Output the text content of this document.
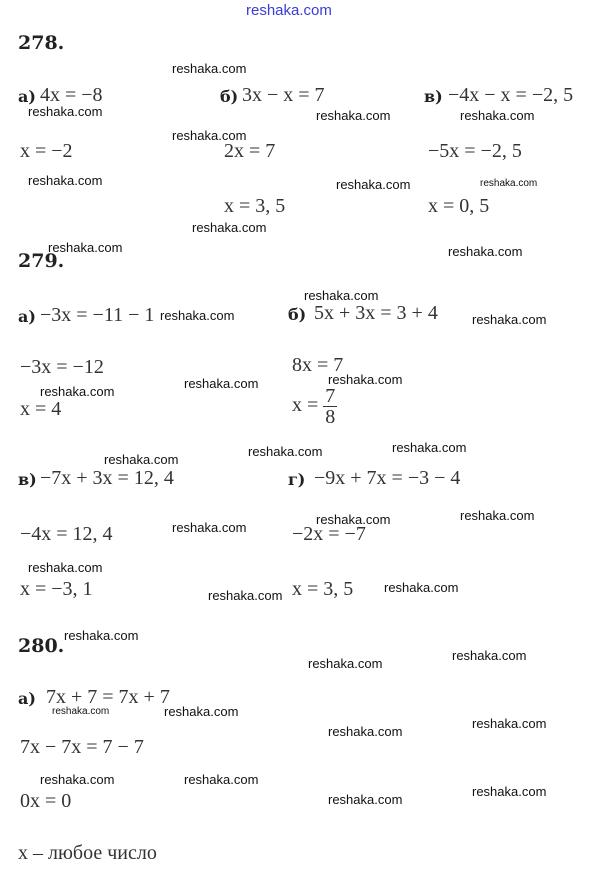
reshaka.com
278.
а) 4x = −8
x = −2
б) 3x − x = 7
2x = 7
x = 3, 5
в) −4x − x = −2, 5
−5x = −2, 5
x = 0, 5
279.
а) −3x = −11 − 1
−3x = −12
x = 4
б) 5x + 3x = 3 + 4
8x = 7
$x = \frac{7}{8}$
в) −7x + 3x = 12, 4
−4x = 12, 4
x = −3, 1
г) −9x + 7x = −3 − 4
−2x = −7
x = 3, 5
280.
а) 7x + 7 = 7x + 7
7x − 7x = 7 − 7
0x = 0
x – любое число
reshaka.com
reshaka.com
reshaka.com
reshaka.com	reshaka.com
reshaka.com	reshaka.com	reshaka.com
reshaka.com
reshaka.com	reshaka.com
reshaka.com
reshaka.com	reshaka.com
reshaka.com
reshaka.com
reshaka.com
reshaka.com	reshaka.com
reshaka.com
reshaka.com
reshaka.com	reshaka.com
reshaka.com
reshaka.com
reshaka.com
reshaka.com
reshaka.com
reshaka.com
reshaka.com	reshaka.com
reshaka.com
reshaka.com
reshaka.com	reshaka.com
reshaka.com
reshaka.com
